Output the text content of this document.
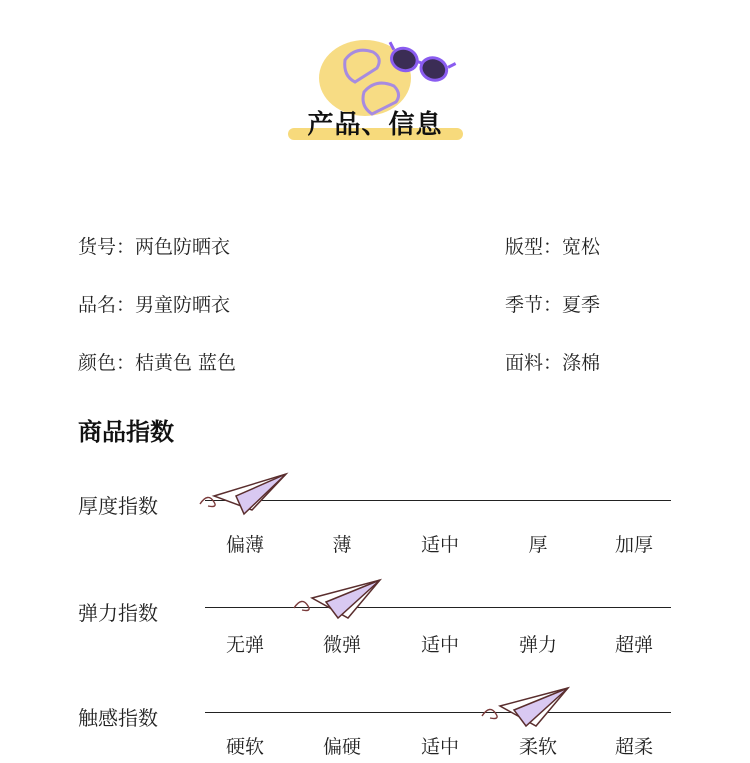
产品、信息
货号：两色防晒衣	版型：宽松
品名：男童防晒衣	季节：夏季
颜色：桔黄色 蓝色	面料：涤棉
商品指数
厚度指数
偏薄	薄	适中	厚	加厚
弹力指数
无弹	微弹	适中	弹力	超弹
触感指数
硬软	偏硬	适中	柔软	超柔
